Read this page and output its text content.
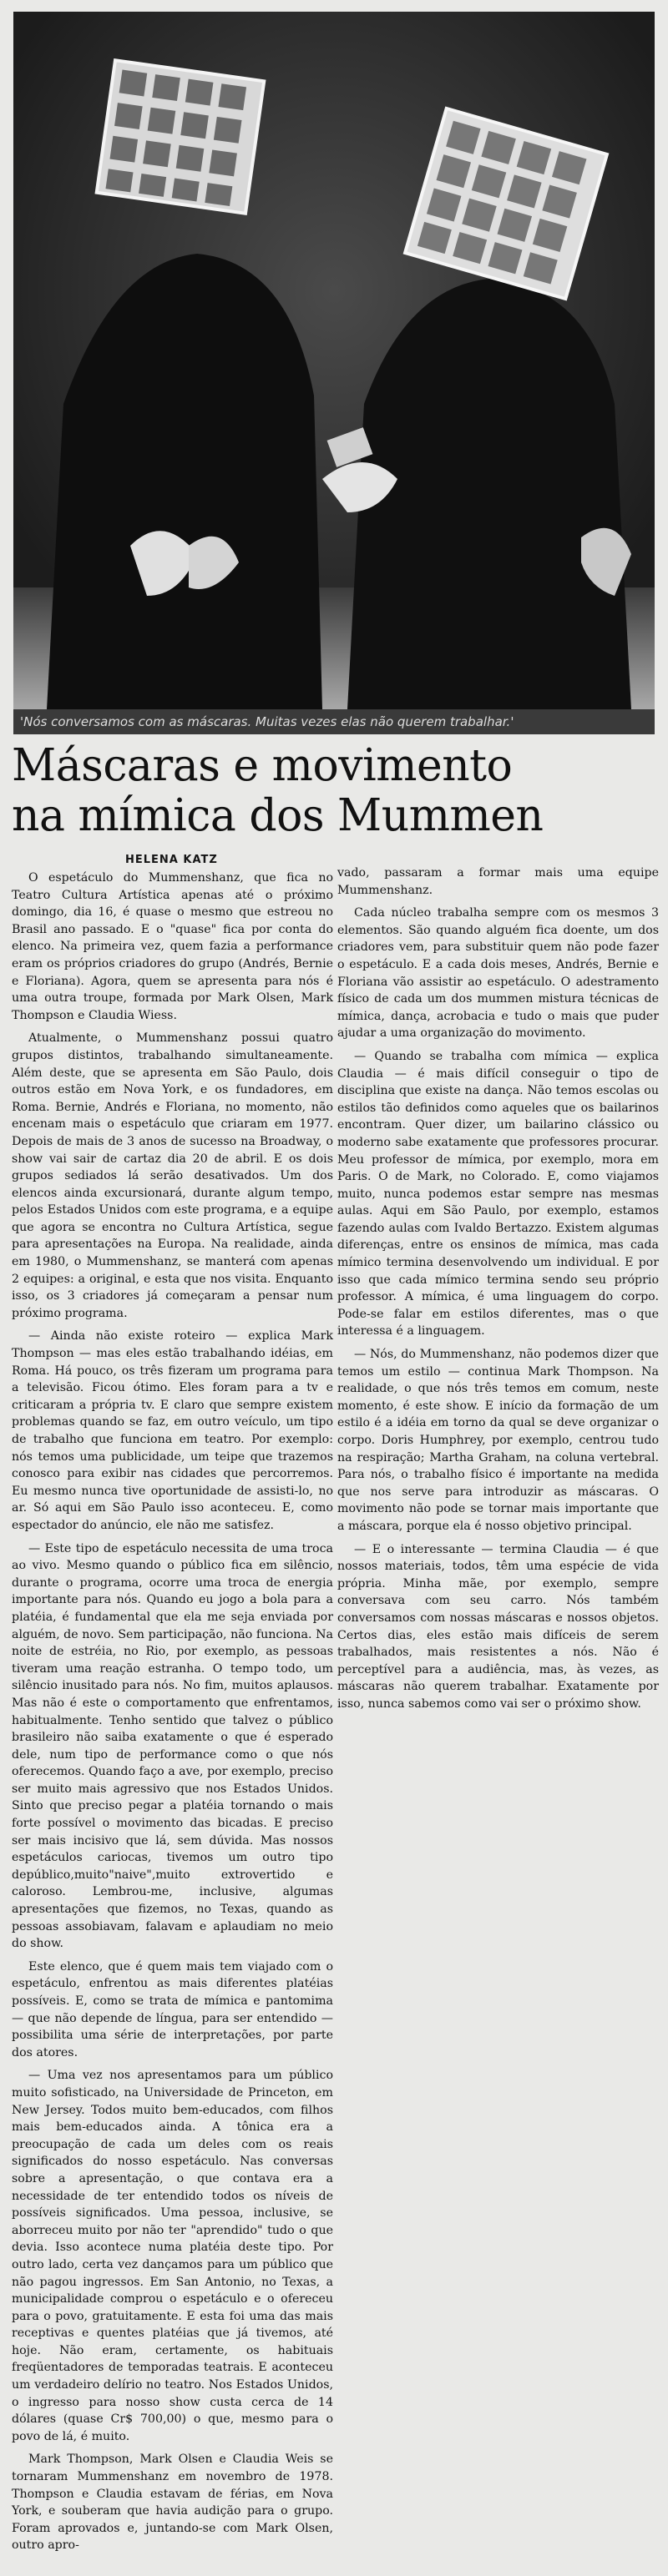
'Nós conversamos com as máscaras. Muitas vezes elas não querem trabalhar.'
Máscaras e movimento
na mímica dos Mummen
HELENA KATZ

O espetáculo do Mummenshanz, que fica no Teatro Cultura Artística apenas até o próximo domingo, dia 16, é quase o mesmo que estreou no Brasil ano passado. E o "quase" fica por conta do elenco. Na primeira vez, quem fazia a performance eram os próprios criadores do grupo (Andrés, Bernie e Floriana). Agora, quem se apresenta para nós é uma outra troupe, formada por Mark Olsen, Mark Thompson e Claudia Wiess.

Atualmente, o Mummenshanz possui quatro grupos distintos, trabalhando simultaneamente. Além deste, que se apresenta em São Paulo, dois outros estão em Nova York, e os fundadores, em Roma. Bernie, Andrés e Floriana, no momento, não encenam mais o espetáculo que criaram em 1977. Depois de mais de 3 anos de sucesso na Broadway, o show vai sair de cartaz dia 20 de abril. E os dois grupos sediados lá serão desativados. Um dos elencos ainda excursionará, durante algum tempo, pelos Estados Unidos com este programa, e a equipe que agora se encontra no Cultura Artística, segue para apresentações na Europa. Na realidade, ainda em 1980, o Mummenshanz, se manterá com apenas 2 equipes: a original, e esta que nos visita. Enquanto isso, os 3 criadores já começaram a pensar num próximo programa.

— Ainda não existe roteiro — explica Mark Thompson — mas eles estão trabalhando idéias, em Roma. Há pouco, os três fizeram um programa para a televisão. Ficou ótimo. Eles foram para a tv e criticaram a própria tv. E claro que sempre existem problemas quando se faz, em outro veículo, um tipo de trabalho que funciona em teatro. Por exemplo: nós temos uma publicidade, um teipe que trazemos conosco para exibir nas cidades que percorremos. Eu mesmo nunca tive oportunidade de assisti-lo, no ar. Só aqui em São Paulo isso aconteceu. E, como espectador do anúncio, ele não me satisfez.

— Este tipo de espetáculo necessita de uma troca ao vivo. Mesmo quando o público fica em silêncio, durante o programa, ocorre uma troca de energia importante para nós. Quando eu jogo a bola para a platéia, é fundamental que ela me seja enviada por alguém, de novo. Sem participação, não funciona. Na noite de estréia, no Rio, por exemplo, as pessoas tiveram uma reação estranha. O tempo todo, um silêncio inusitado para nós. No fim, muitos aplausos. Mas não é este o comportamento que enfrentamos, habitualmente. Tenho sentido que talvez o público brasileiro não saiba exatamente o que é esperado dele, num tipo de performance como o que nós oferecemos. Quando faço a ave, por exemplo, preciso ser muito mais agressivo que nos Estados Unidos. Sinto que preciso pegar a platéia tornando o mais forte possível o movimento das bicadas. E preciso ser mais incisivo que lá, sem dúvida. Mas nossos espetáculos cariocas, tivemos um outro tipo depúblico,muito"naive",muito extrovertido e caloroso. Lembrou-me, inclusive, algumas apresentações que fizemos, no Texas, quando as pessoas assobiavam, falavam e aplaudiam no meio do show.

Este elenco, que é quem mais tem viajado com o espetáculo, enfrentou as mais diferentes platéias possíveis. E, como se trata de mímica e pantomima — que não depende de língua, para ser entendido — possibilita uma série de interpretações, por parte dos atores.

— Uma vez nos apresentamos para um público muito sofisticado, na Universidade de Princeton, em New Jersey. Todos muito bem-educados, com filhos mais bem-educados ainda. A tônica era a preocupação de cada um deles com os reais significados do nosso espetáculo. Nas conversas sobre a apresentação, o que contava era a necessidade de ter entendido todos os níveis de possíveis significados. Uma pessoa, inclusive, se aborreceu muito por não ter "aprendido" tudo o que devia. Isso acontece numa platéia deste tipo. Por outro lado, certa vez dançamos para um público que não pagou ingressos. Em San Antonio, no Texas, a municipalidade comprou o espetáculo e o ofereceu para o povo, gratuitamente. E esta foi uma das mais receptivas e quentes platéias que já tivemos, até hoje. Não eram, certamente, os habituais freqüentadores de temporadas teatrais. E aconteceu um verdadeiro delírio no teatro. Nos Estados Unidos, o ingresso para nosso show custa cerca de 14 dólares (quase Cr$ 700,00) o que, mesmo para o povo de lá, é muito.

Mark Thompson, Mark Olsen e Claudia Weis se tornaram Mummenshanz em novembro de 1978. Thompson e Claudia estavam de férias, em Nova York, e souberam que havia audição para o grupo. Foram aprovados e, juntando-se com Mark Olsen, outro apro-

vado, passaram a formar mais uma equipe Mummenshanz.

Cada núcleo trabalha sempre com os mesmos 3 elementos. São quando alguém fica doente, um dos criadores vem, para substituir quem não pode fazer o espetáculo. E a cada dois meses, Andrés, Bernie e Floriana vão assistir ao espetáculo. O adestramento físico de cada um dos mummen mistura técnicas de mímica, dança, acrobacia e tudo o mais que puder ajudar a uma organização do movimento.

— Quando se trabalha com mímica — explica Claudia — é mais difícil conseguir o tipo de disciplina que existe na dança. Não temos escolas ou estilos tão definidos como aqueles que os bailarinos encontram. Quer dizer, um bailarino clássico ou moderno sabe exatamente que professores procurar. Meu professor de mímica, por exemplo, mora em Paris. O de Mark, no Colorado. E, como viajamos muito, nunca podemos estar sempre nas mesmas aulas. Aqui em São Paulo, por exemplo, estamos fazendo aulas com Ivaldo Bertazzo. Existem algumas diferenças, entre os ensinos de mímica, mas cada mímico termina desenvolvendo um individual. E por isso que cada mímico termina sendo seu próprio professor. A mímica, é uma linguagem do corpo. Pode-se falar em estilos diferentes, mas o que interessa é a linguagem.

— Nós, do Mummenshanz, não podemos dizer que temos um estilo — continua Mark Thompson. Na realidade, o que nós três temos em comum, neste momento, é este show. E início da formação de um estilo é a idéia em torno da qual se deve organizar o corpo. Doris Humphrey, por exemplo, centrou tudo na respiração; Martha Graham, na coluna vertebral. Para nós, o trabalho físico é importante na medida que nos serve para introduzir as máscaras. O movimento não pode se tornar mais importante que a máscara, porque ela é nosso objetivo principal.

— E o interessante — termina Claudia — é que nossos materiais, todos, têm uma espécie de vida própria. Minha mãe, por exemplo, sempre conversava com seu carro. Nós também conversamos com nossas máscaras e nossos objetos. Certos dias, eles estão mais difíceis de serem trabalhados, mais resistentes a nós. Não é perceptível para a audiência, mas, às vezes, as máscaras não querem trabalhar. Exatamente por isso, nunca sabemos como vai ser o próximo show.
